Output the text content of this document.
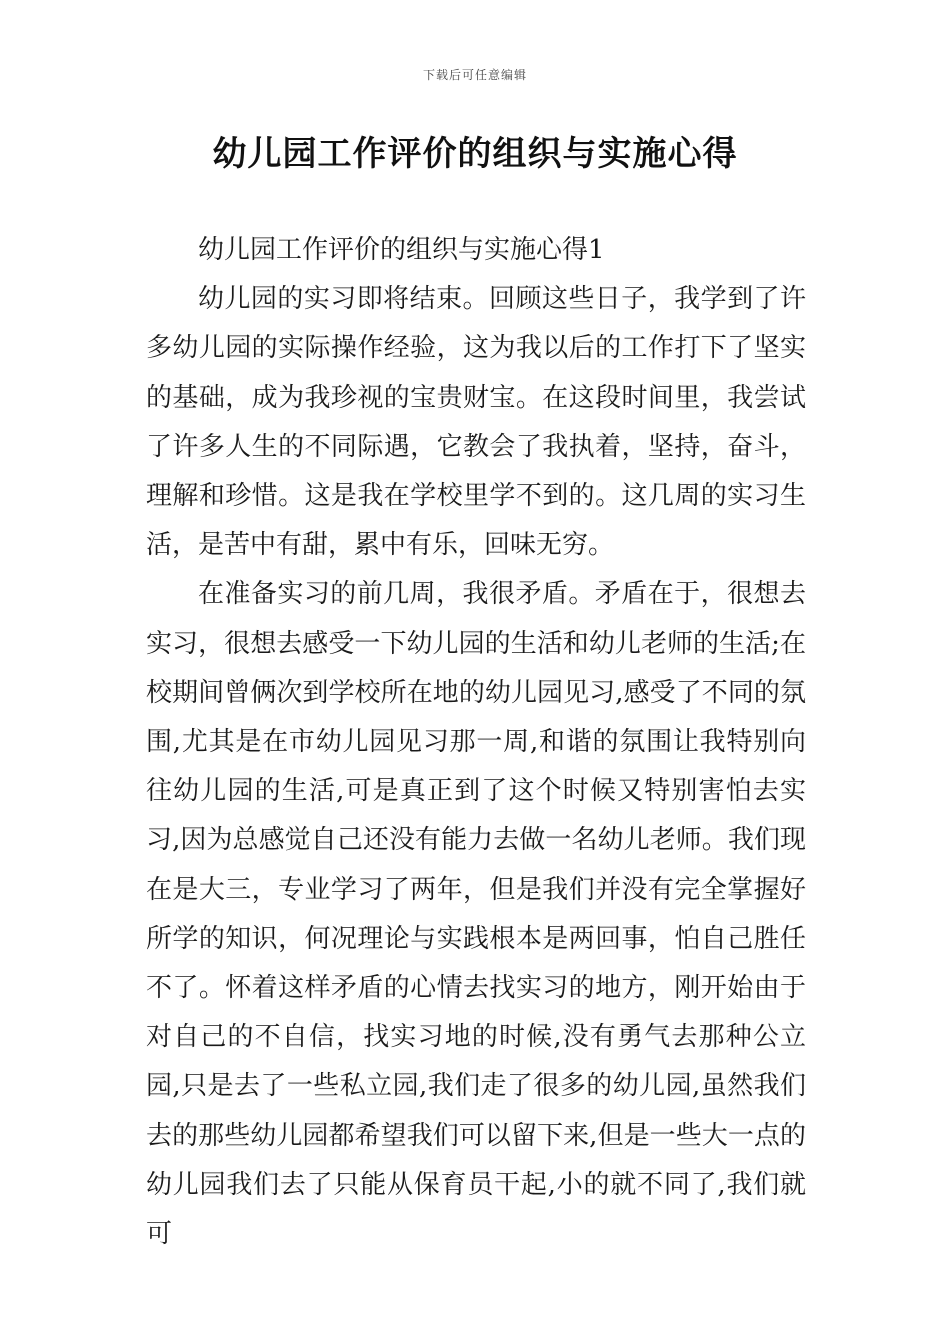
下载后可任意编辑
幼儿园工作评价的组织与实施心得

幼儿园工作评价的组织与实施心得1

幼儿园的实习即将结束。回顾这些日子，我学到了许多幼儿园的实际操作经验，这为我以后的工作打下了坚实的基础，成为我珍视的宝贵财宝。在这段时间里，我尝试了许多人生的不同际遇，它教会了我执着，坚持，奋斗，理解和珍惜。这是我在学校里学不到的。这几周的实习生活，是苦中有甜，累中有乐，回味无穷。

在准备实习的前几周，我很矛盾。矛盾在于，很想去实习，很想去感受一下幼儿园的生活和幼儿老师的生活;在校期间曾俩次到学校所在地的幼儿园见习,感受了不同的氛围,尤其是在市幼儿园见习那一周,和谐的氛围让我特别向往幼儿园的生活,可是真正到了这个时候又特别害怕去实习,因为总感觉自己还没有能力去做一名幼儿老师。我们现在是大三，专业学习了两年，但是我们并没有完全掌握好所学的知识，何况理论与实践根本是两回事，怕自己胜任不了。怀着这样矛盾的心情去找实习的地方，刚开始由于对自己的不自信，找实习地的时候,没有勇气去那种公立园,只是去了一些私立园,我们走了很多的幼儿园,虽然我们去的那些幼儿园都希望我们可以留下来,但是一些大一点的幼儿园我们去了只能从保育员干起,小的就不同了,我们就可
